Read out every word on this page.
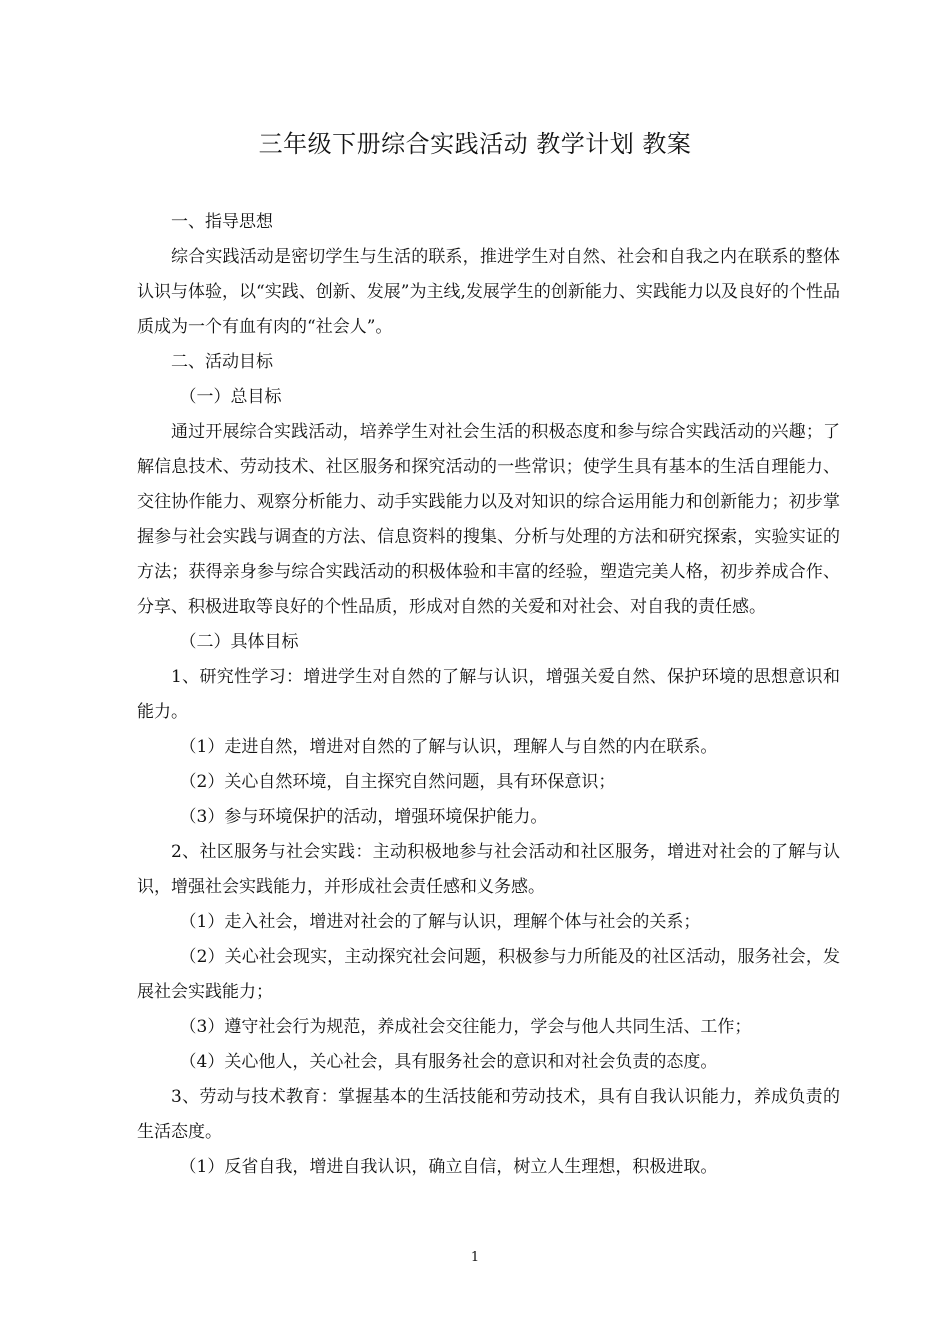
三年级下册综合实践活动 教学计划 教案

一、指导思想

综合实践活动是密切学生与生活的联系，推进学生对自然、社会和自我之内在联系的整体认识与体验，以“实践、创新、发展”为主线,发展学生的创新能力、实践能力以及良好的个性品质成为一个有血有肉的“社会人”。

二、活动目标

（一）总目标

通过开展综合实践活动，培养学生对社会生活的积极态度和参与综合实践活动的兴趣；了解信息技术、劳动技术、社区服务和探究活动的一些常识；使学生具有基本的生活自理能力、交往协作能力、观察分析能力、动手实践能力以及对知识的综合运用能力和创新能力；初步掌握参与社会实践与调查的方法、信息资料的搜集、分析与处理的方法和研究探索，实验实证的方法；获得亲身参与综合实践活动的积极体验和丰富的经验，塑造完美人格，初步养成合作、分享、积极进取等良好的个性品质，形成对自然的关爱和对社会、对自我的责任感。

（二）具体目标

1、研究性学习：增进学生对自然的了解与认识，增强关爱自然、保护环境的思想意识和能力。

（1）走进自然，增进对自然的了解与认识，理解人与自然的内在联系。

（2）关心自然环境，自主探究自然问题，具有环保意识；

（3）参与环境保护的活动，增强环境保护能力。

2、社区服务与社会实践：主动积极地参与社会活动和社区服务，增进对社会的了解与认识，增强社会实践能力，并形成社会责任感和义务感。

（1）走入社会，增进对社会的了解与认识，理解个体与社会的关系；

（2）关心社会现实，主动探究社会问题，积极参与力所能及的社区活动，服务社会，发展社会实践能力；

（3）遵守社会行为规范，养成社会交往能力，学会与他人共同生活、工作；

（4）关心他人，关心社会，具有服务社会的意识和对社会负责的态度。

3、劳动与技术教育：掌握基本的生活技能和劳动技术，具有自我认识能力，养成负责的生活态度。

（1）反省自我，增进自我认识，确立自信，树立人生理想，积极进取。

1
